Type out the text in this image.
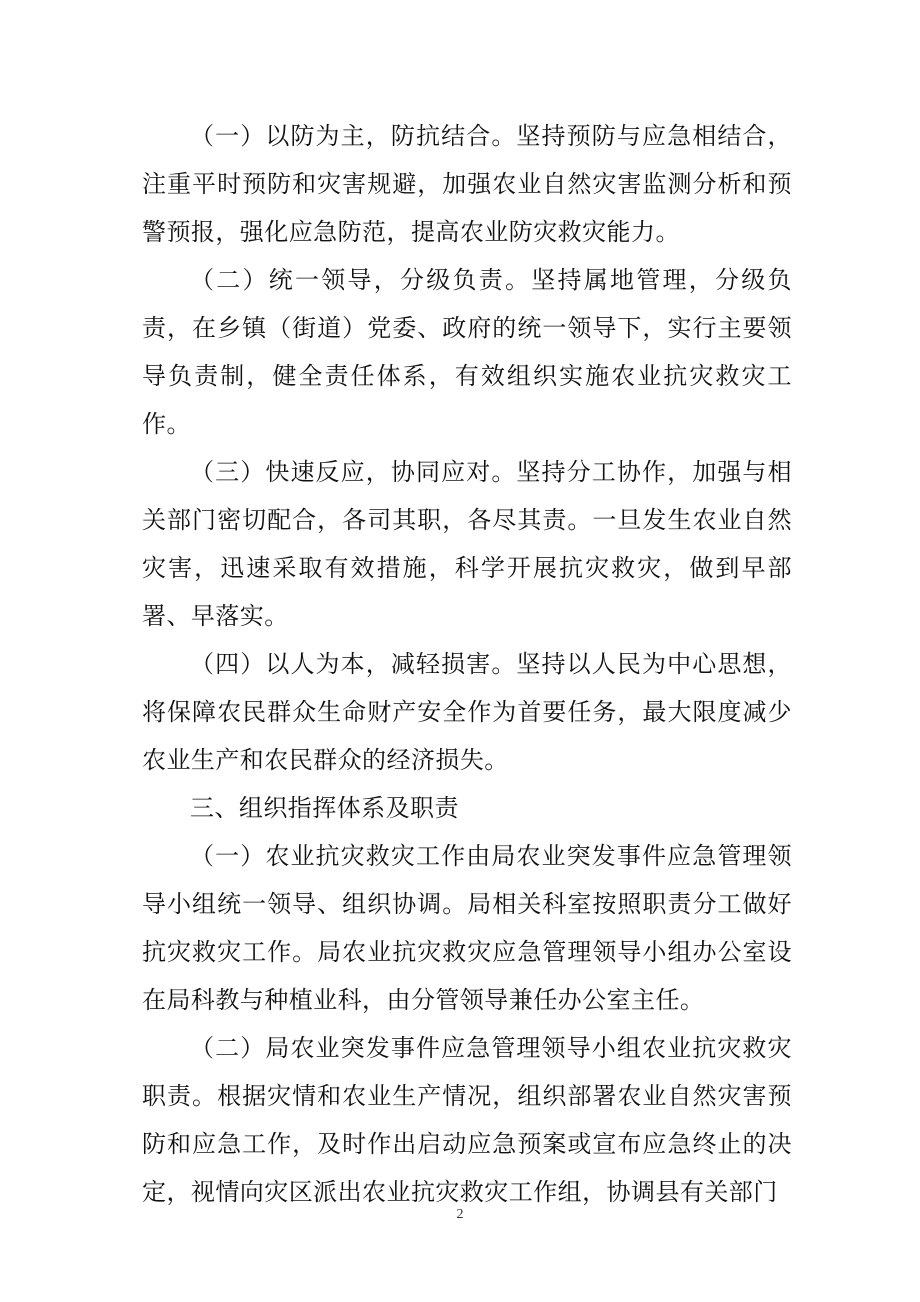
（一）以防为主，防抗结合。坚持预防与应急相结合，注重平时预防和灾害规避，加强农业自然灾害监测分析和预警预报，强化应急防范，提高农业防灾救灾能力。

（二）统一领导，分级负责。坚持属地管理，分级负责，在乡镇（街道）党委、政府的统一领导下，实行主要领导负责制，健全责任体系，有效组织实施农业抗灾救灾工作。

（三）快速反应，协同应对。坚持分工协作，加强与相关部门密切配合，各司其职，各尽其责。一旦发生农业自然灾害，迅速采取有效措施，科学开展抗灾救灾，做到早部署、早落实。

（四）以人为本，减轻损害。坚持以人民为中心思想，将保障农民群众生命财产安全作为首要任务，最大限度减少农业生产和农民群众的经济损失。

三、组织指挥体系及职责

（一）农业抗灾救灾工作由局农业突发事件应急管理领导小组统一领导、组织协调。局相关科室按照职责分工做好抗灾救灾工作。局农业抗灾救灾应急管理领导小组办公室设在局科教与种植业科，由分管领导兼任办公室主任。

（二）局农业突发事件应急管理领导小组农业抗灾救灾职责。根据灾情和农业生产情况，组织部署农业自然灾害预防和应急工作，及时作出启动应急预案或宣布应急终止的决定，视情向灾区派出农业抗灾救灾工作组，协调县有关部门

2
